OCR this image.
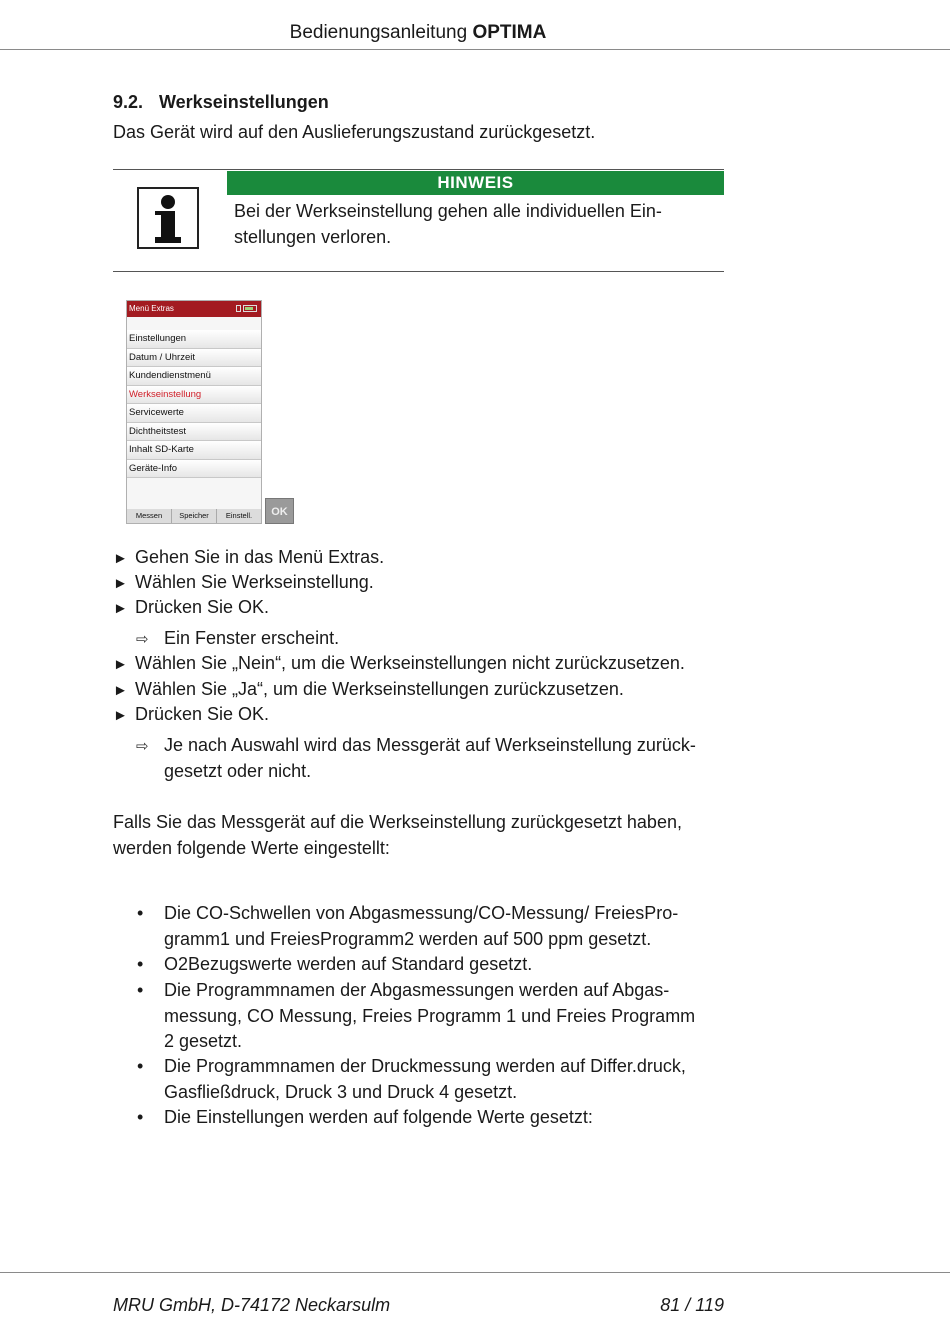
Bedienungsanleitung OPTIMA
9.2. Werkseinstellungen
Das Gerät wird auf den Auslieferungszustand zurückgesetzt.
HINWEIS
Bei der Werkseinstellung gehen alle individuellen Ein-
stellungen verloren.
Menü Extras
Einstellungen
Datum / Uhrzeit
Kundendienstmenü
Werkseinstellung
Servicewerte
Dichtheitstest
Inhalt SD-Karte
Geräte-Info
Messen	Speicher	Einstell.	OK
► Gehen Sie in das Menü Extras.
► Wählen Sie Werkseinstellung.
► Drücken Sie OK.
⇨ Ein Fenster erscheint.
► Wählen Sie „Nein“, um die Werkseinstellungen nicht zurückzusetzen.
► Wählen Sie „Ja“, um die Werkseinstellungen zurückzusetzen.
► Drücken Sie OK.
⇨ Je nach Auswahl wird das Messgerät auf Werkseinstellung zurück-
gesetzt oder nicht.
Falls Sie das Messgerät auf die Werkseinstellung zurückgesetzt haben,
werden folgende Werte eingestellt:
• Die CO-Schwellen von Abgasmessung/CO-Messung/ FreiesPro-
gramm1 und FreiesProgramm2 werden auf 500 ppm gesetzt.
• O2Bezugswerte werden auf Standard gesetzt.
• Die Programmnamen der Abgasmessungen werden auf Abgas-
messung, CO Messung, Freies Programm 1 und Freies Programm
2 gesetzt.
• Die Programmnamen der Druckmessung werden auf Differ.druck,
Gasfließdruck, Druck 3 und Druck 4 gesetzt.
• Die Einstellungen werden auf folgende Werte gesetzt:
MRU GmbH, D-74172 Neckarsulm	81 / 119
